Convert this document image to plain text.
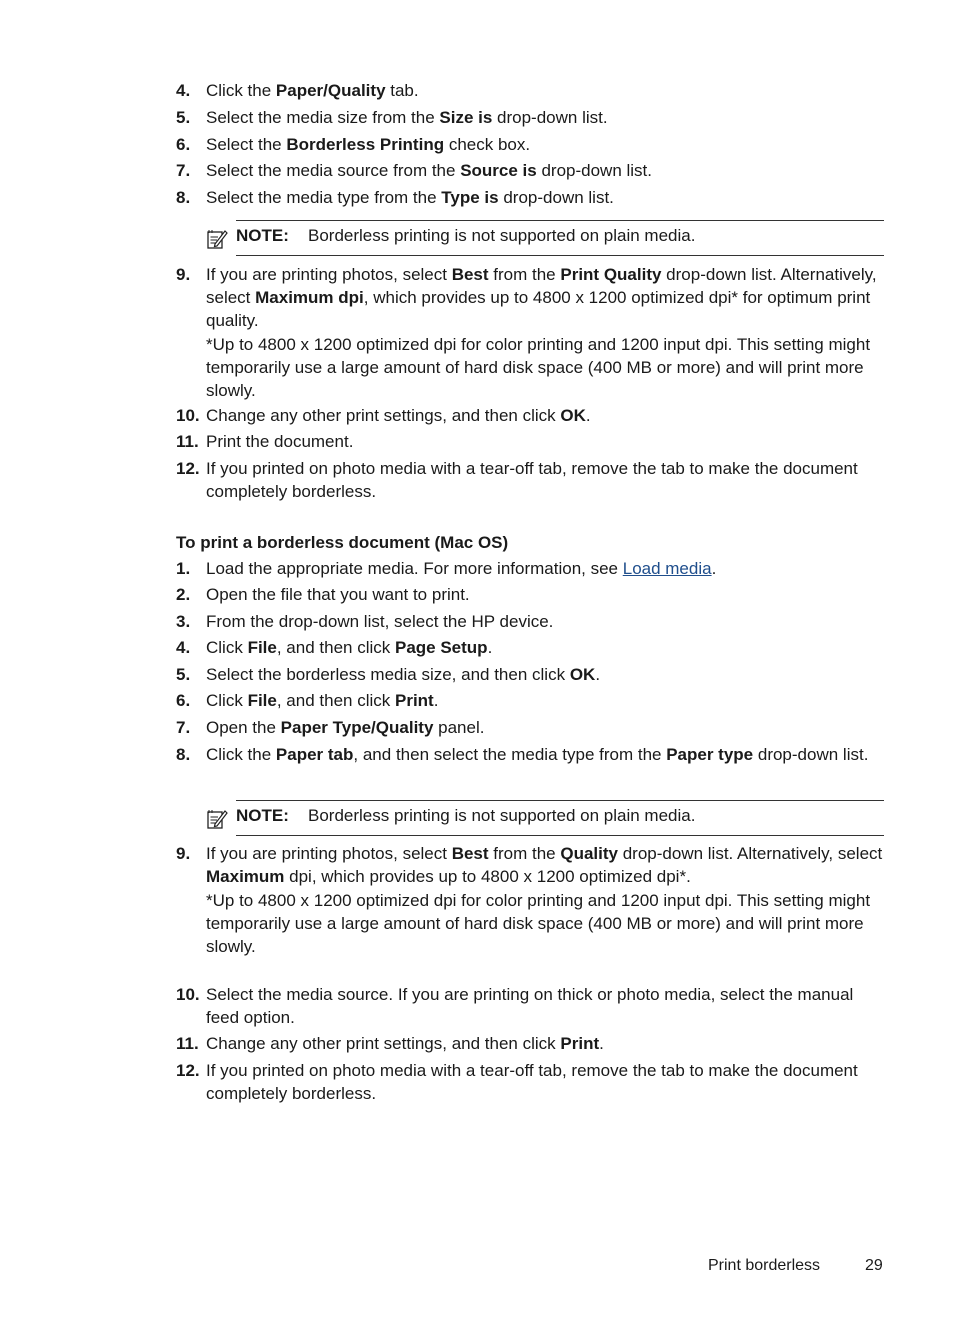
4. Click the Paper/Quality tab.

5. Select the media size from the Size is drop-down list.

6. Select the Borderless Printing check box.

7. Select the media source from the Source is drop-down list.

8. Select the media type from the Type is drop-down list.

NOTE: Borderless printing is not supported on plain media.
9. If you are printing photos, select Best from the Print Quality drop-down list. Alternatively, select Maximum dpi, which provides up to 4800 x 1200 optimized dpi* for optimum print quality.

*Up to 4800 x 1200 optimized dpi for color printing and 1200 input dpi. This setting might temporarily use a large amount of hard disk space (400 MB or more) and will print more slowly.

10. Change any other print settings, and then click OK.

11. Print the document.

12. If you printed on photo media with a tear-off tab, remove the tab to make the document completely borderless.

To print a borderless document (Mac OS)
1. Load the appropriate media. For more information, see Load media.

2. Open the file that you want to print.

3. From the drop-down list, select the HP device.

4. Click File, and then click Page Setup.

5. Select the borderless media size, and then click OK.

6. Click File, and then click Print.

7. Open the Paper Type/Quality panel.

8. Click the Paper tab, and then select the media type from the Paper type drop-down list.

NOTE: Borderless printing is not supported on plain media.
9. If you are printing photos, select Best from the Quality drop-down list. Alternatively, select Maximum dpi, which provides up to 4800 x 1200 optimized dpi*.

*Up to 4800 x 1200 optimized dpi for color printing and 1200 input dpi. This setting might temporarily use a large amount of hard disk space (400 MB or more) and will print more slowly.

10. Select the media source. If you are printing on thick or photo media, select the manual feed option.

11. Change any other print settings, and then click Print.

12. If you printed on photo media with a tear-off tab, remove the tab to make the document completely borderless.

Print borderless	29
